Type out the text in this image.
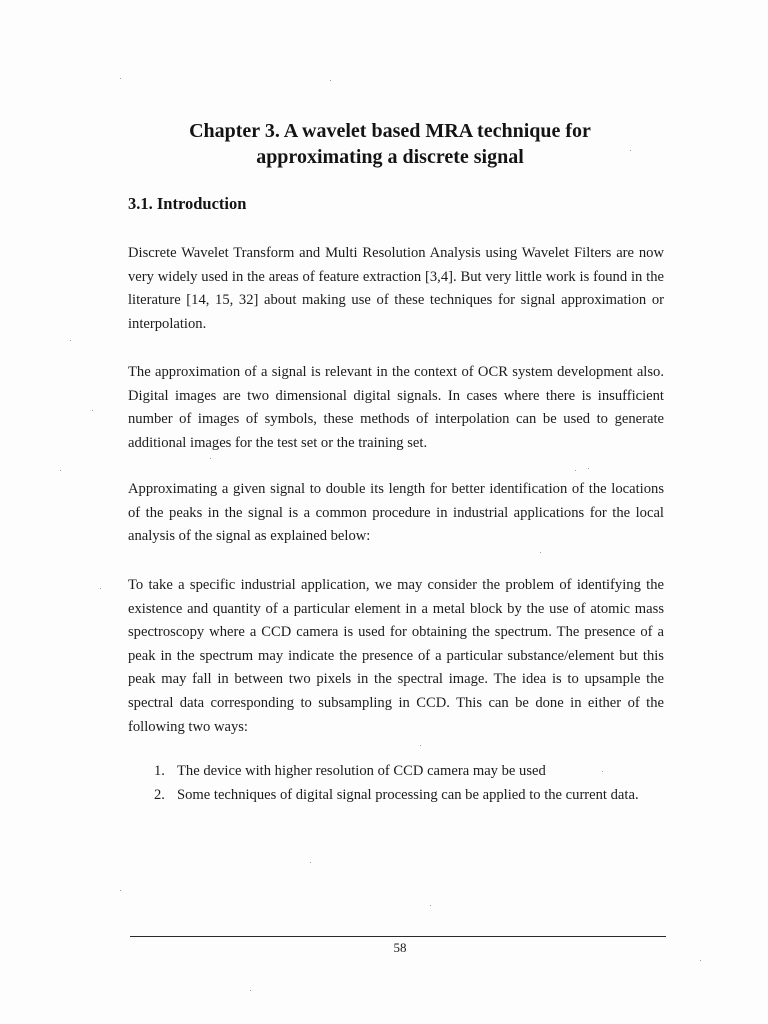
Chapter 3. A wavelet based MRA technique for
approximating a discrete signal
3.1. Introduction

Discrete Wavelet Transform and Multi Resolution Analysis using Wavelet Filters are now very widely used in the areas of feature extraction [3,4]. But very little work is found in the literature [14, 15, 32] about making use of these techniques for signal approximation or interpolation.

The approximation of a signal is relevant in the context of OCR system development also. Digital images are two dimensional digital signals. In cases where there is insufficient number of images of symbols, these methods of interpolation can be used to generate additional images for the test set or the training set.

Approximating a given signal to double its length for better identification of the locations of the peaks in the signal is a common procedure in industrial applications for the local analysis of the signal as explained below:

To take a specific industrial application, we may consider the problem of identifying the existence and quantity of a particular element in a metal block by the use of atomic mass spectroscopy where a CCD camera is used for obtaining the spectrum. The presence of a peak in the spectrum may indicate the presence of a particular substance/element but this peak may fall in between two pixels in the spectral image. The idea is to upsample the spectral data corresponding to subsampling in CCD. This can be done in either of the following two ways:

1. The device with higher resolution of CCD camera may be used
2. Some techniques of digital signal processing can be applied to the current data.
58
